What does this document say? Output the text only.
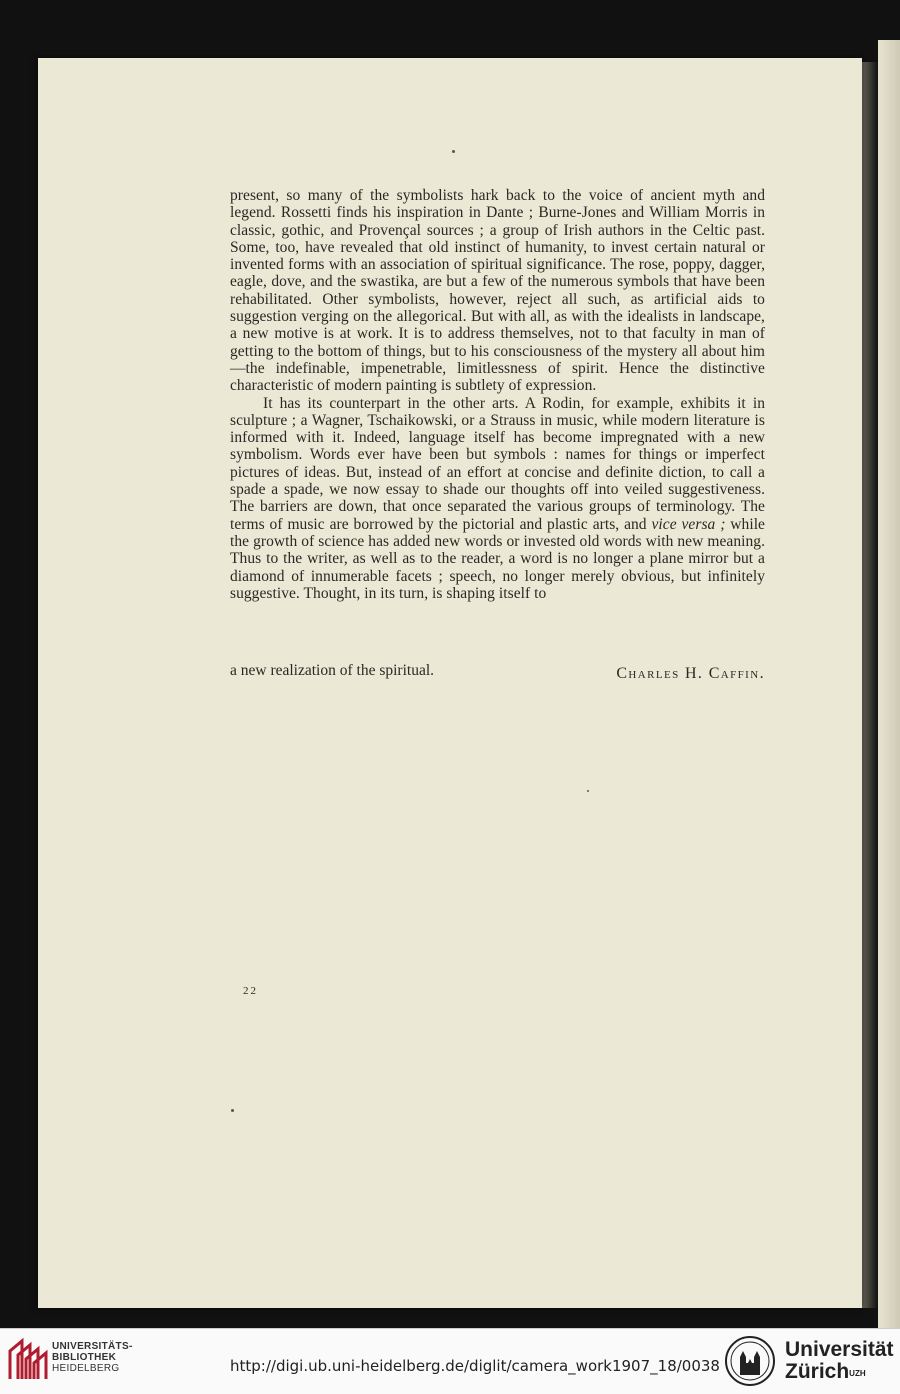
present, so many of the symbolists hark back to the voice of ancient myth and legend. Rossetti finds his inspiration in Dante ; Burne-Jones and William Morris in classic, gothic, and Provençal sources ; a group of Irish authors in the Celtic past. Some, too, have revealed that old instinct of humanity, to invest certain natural or invented forms with an association of spiritual significance. The rose, poppy, dagger, eagle, dove, and the swastika, are but a few of the numerous symbols that have been rehabilitated. Other symbolists, however, reject all such, as artificial aids to suggestion verging on the allegorical. But with all, as with the idealists in landscape, a new motive is at work. It is to address themselves, not to that faculty in man of getting to the bottom of things, but to his consciousness of the mystery all about him—the indefinable, impenetrable, limitlessness of spirit. Hence the distinctive characteristic of modern painting is subtlety of expression.

It has its counterpart in the other arts. A Rodin, for example, exhibits it in sculpture ; a Wagner, Tschaikowski, or a Strauss in music, while modern literature is informed with it. Indeed, language itself has become impregnated with a new symbolism. Words ever have been but symbols : names for things or imperfect pictures of ideas. But, instead of an effort at concise and definite diction, to call a spade a spade, we now essay to shade our thoughts off into veiled suggestiveness. The barriers are down, that once separated the various groups of terminology. The terms of music are borrowed by the pictorial and plastic arts, and vice versa ; while the growth of science has added new words or invested old words with new meaning. Thus to the writer, as well as to the reader, a word is no longer a plane mirror but a diamond of innumerable facets ; speech, no longer merely obvious, but infinitely suggestive. Thought, in its turn, is shaping itself to

a new realization of the spiritual.	Charles H. Caffin.
22
UNIVERSITÄTS-
BIBLIOTHEK
HEIDELBERG	http://digi.ub.uni-heidelberg.de/diglit/camera_work1907_18/0038
Universität
Zürich$^{UZH}$
